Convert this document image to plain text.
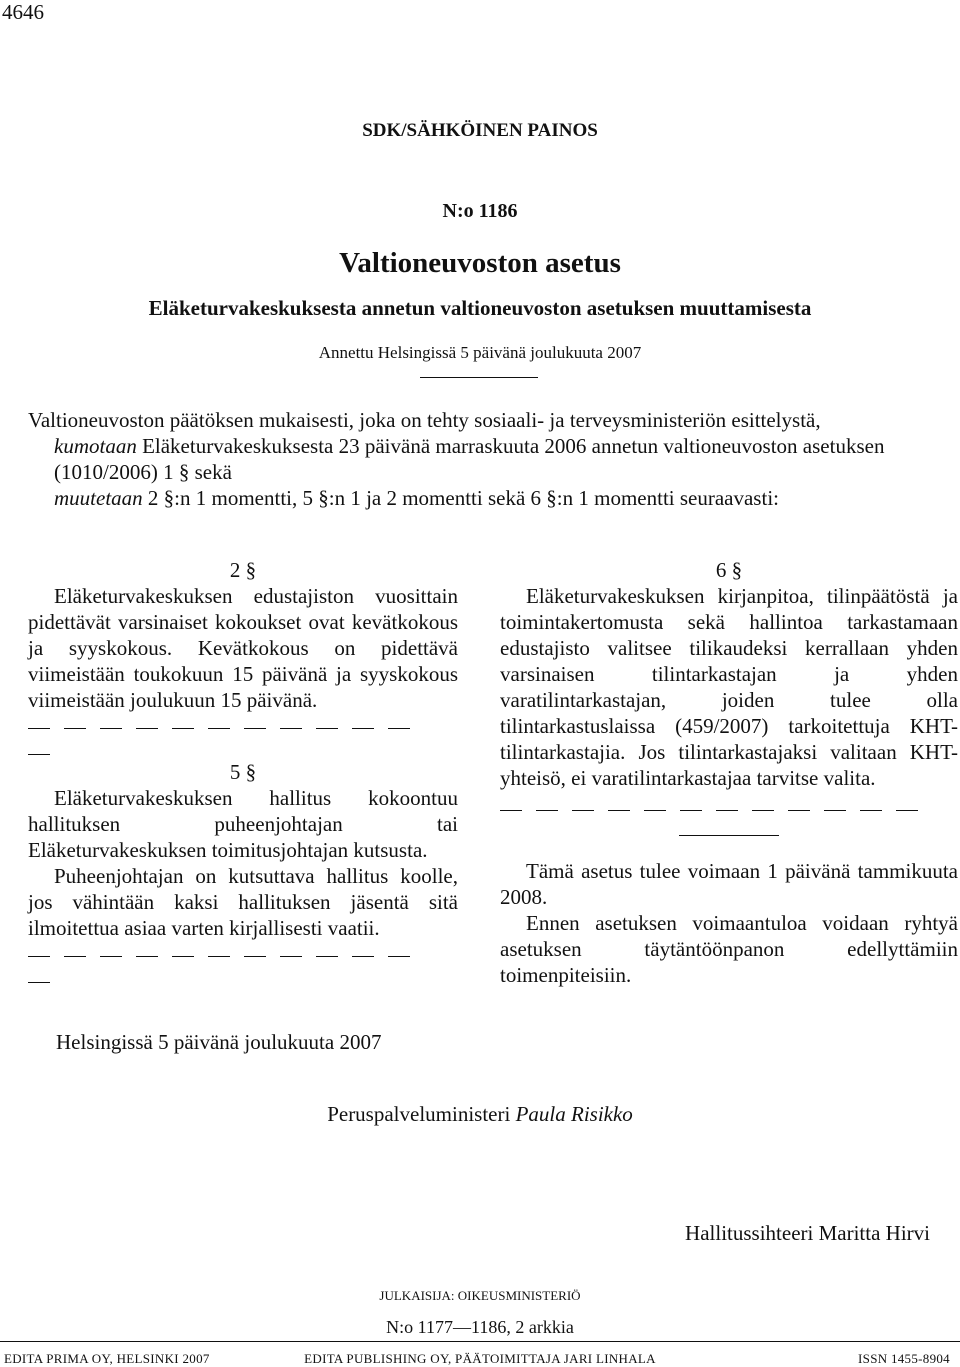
4646
SDK/SÄHKÖINEN PAINOS
N:o 1186
Valtioneuvoston asetus
Eläketurvakeskuksesta annetun valtioneuvoston asetuksen muuttamisesta
Annettu Helsingissä 5 päivänä joulukuuta 2007

Valtioneuvoston päätöksen mukaisesti, joka on tehty sosiaali- ja terveysministeriön esittelystä,

kumotaan Eläketurvakeskuksesta 23 päivänä marraskuuta 2006 annetun valtioneuvoston asetuksen (1010/2006) 1 § sekä

muutetaan 2 §:n 1 momentti, 5 §:n 1 ja 2 momentti sekä 6 §:n 1 momentti seuraavasti:

2 §

Eläketurvakeskuksen edustajiston vuosittain pidettävät varsinaiset kokoukset ovat kevätkokous ja syyskokous. Kevätkokous on pidettävä viimeistään toukokuun 15 päivänä ja syyskokous viimeistään joulukuun 15 päivänä.

5 §

Eläketurvakeskuksen hallitus kokoontuu hallituksen puheenjohtajan tai Eläketurvakeskuksen toimitusjohtajan kutsusta.

Puheenjohtajan on kutsuttava hallitus koolle, jos vähintään kaksi hallituksen jäsentä sitä ilmoitettua asiaa varten kirjallisesti vaatii.

6 §

Eläketurvakeskuksen kirjanpitoa, tilinpäätöstä ja toimintakertomusta sekä hallintoa tarkastamaan edustajisto valitsee tilikaudeksi kerrallaan yhden varsinaisen tilintarkastajan ja yhden varatilintarkastajan, joiden tulee olla tilintarkastuslaissa (459/2007) tarkoitettuja KHT-tilintarkastajia. Jos tilintarkastajaksi valitaan KHT-yhteisö, ei varatilintarkastajaa tarvitse valita.

Tämä asetus tulee voimaan 1 päivänä tammikuuta 2008.

Ennen asetuksen voimaantuloa voidaan ryhtyä asetuksen täytäntöönpanon edellyttämiin toimenpiteisiin.

Helsingissä 5 päivänä joulukuuta 2007
Peruspalveluministeri Paula Risikko
Hallitussihteeri Maritta Hirvi
JULKAISIJA: OIKEUSMINISTERIÖ
N:o 1177—1186, 2 arkkia
EDITA PRIMA OY, HELSINKI 2007	EDITA PUBLISHING OY, PÄÄTOIMITTAJA JARI LINHALA	ISSN 1455-8904
